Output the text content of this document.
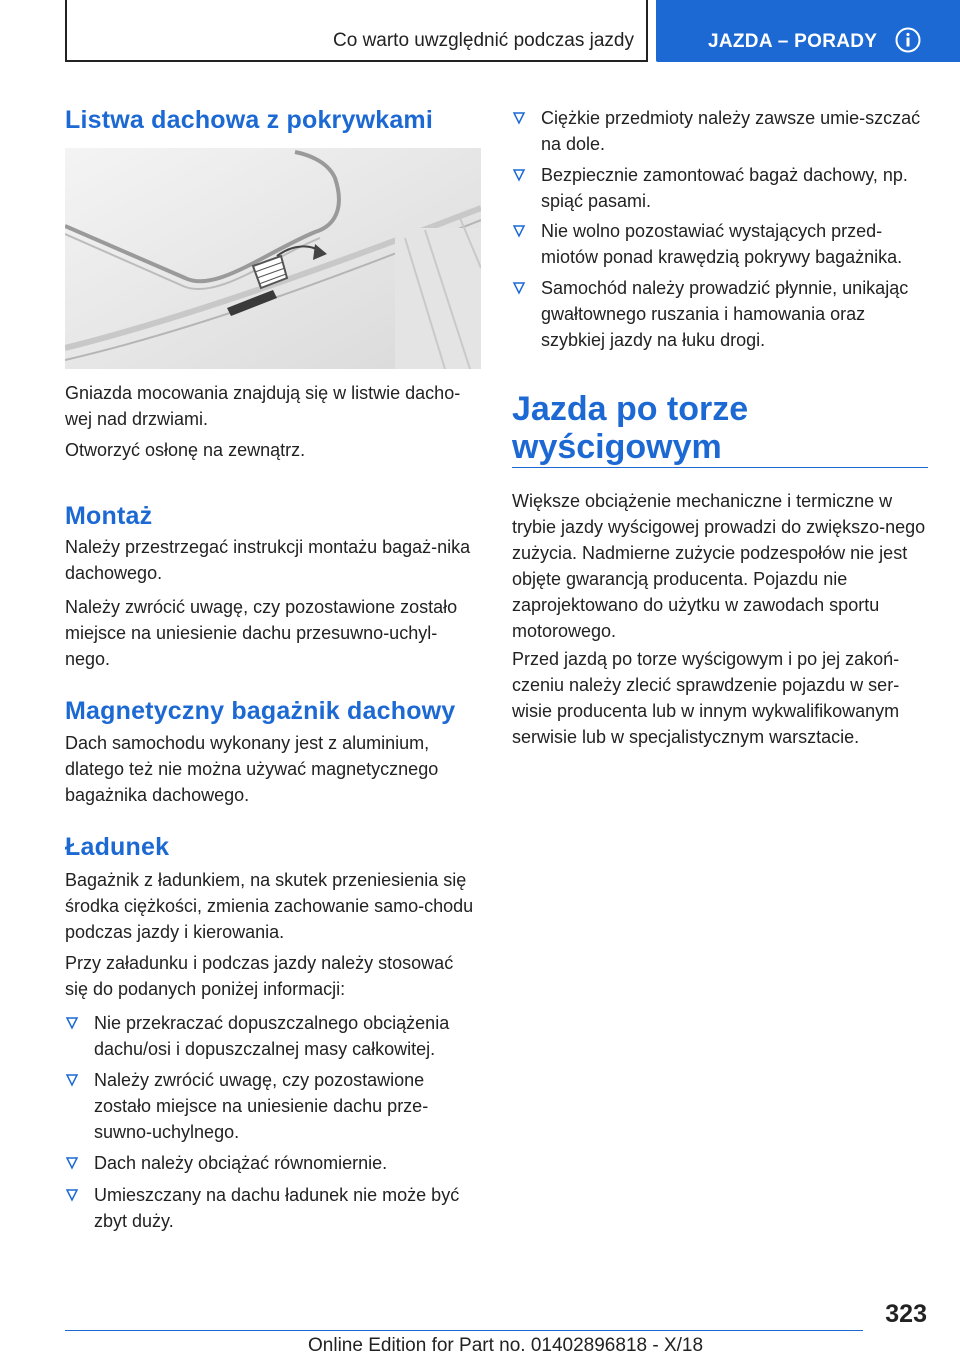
Co warto uwzględnić podczas jazdy	JAZDA – PORADY
Listwa dachowa z pokrywkami

Gniazda mocowania znajdują się w listwie dacho‐wej nad drzwiami.

Otworzyć osłonę na zewnątrz.

Montaż

Należy przestrzegać instrukcji montażu bagaż‐nika dachowego.

Należy zwrócić uwagę, czy pozostawione zostało miejsce na uniesienie dachu przesuwno-uchyl‐nego.

Magnetyczny bagażnik dachowy

Dach samochodu wykonany jest z aluminium, dlatego też nie można używać magnetycznego bagażnika dachowego.

Ładunek

Bagażnik z ładunkiem, na skutek przeniesienia się środka ciężkości, zmienia zachowanie samo‐chodu podczas jazdy i kierowania.

Przy załadunku i podczas jazdy należy stosować się do podanych poniżej informacji:

Nie przekraczać dopuszczalnego obciążenia dachu/osi i dopuszczalnej masy całkowitej.
Należy zwrócić uwagę, czy pozostawione zostało miejsce na uniesienie dachu prze‐suwno-uchylnego.
Dach należy obciążać równomiernie.
Umieszczany na dachu ładunek nie może być zbyt duży.
Ciężkie przedmioty należy zawsze umie‐szczać na dole.
Bezpiecznie zamontować bagaż dachowy, np. spiąć pasami.
Nie wolno pozostawiać wystających przed‐miotów ponad krawędzią pokrywy bagażnika.
Samochód należy prowadzić płynnie, unikając gwałtownego ruszania i hamowania oraz szybkiej jazdy na łuku drogi.
Jazda po torze wyścigowym

Większe obciążenie mechaniczne i termiczne w trybie jazdy wyścigowej prowadzi do zwiększo‐nego zużycia. Nadmierne zużycie podzespołów nie jest objęte gwarancją producenta. Pojazdu nie zaprojektowano do użytku w zawodach sportu motorowego.

Przed jazdą po torze wyścigowym i po jej zakoń‐czeniu należy zlecić sprawdzenie pojazdu w ser‐wisie producenta lub w innym wykwalifikowanym serwisie lub w specjalistycznym warsztacie.

323
Online Edition for Part no. 01402896818 - X/18
